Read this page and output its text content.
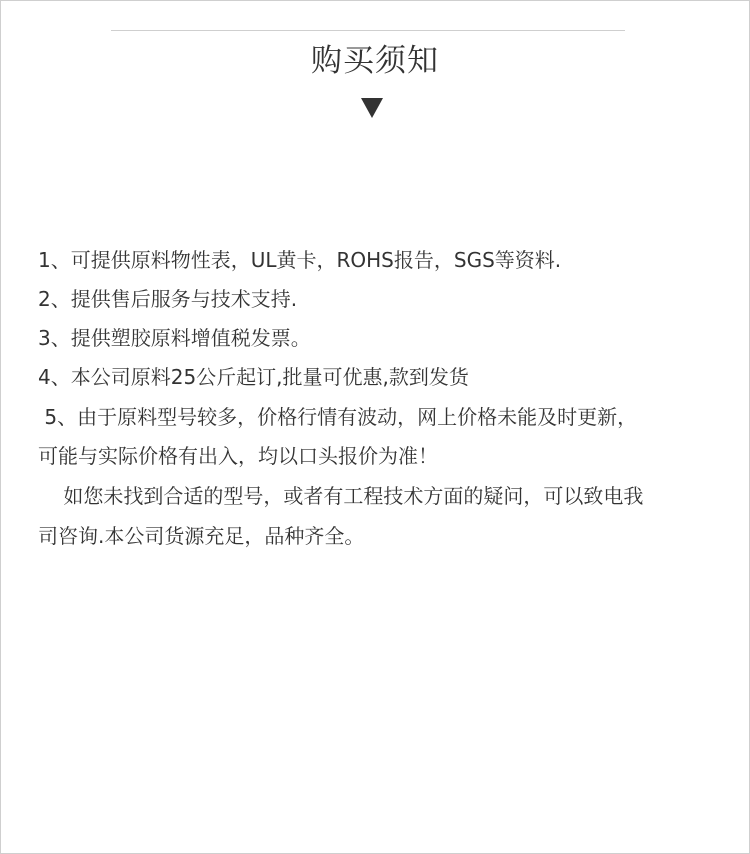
购买须知
1、可提供原料物性表，UL黄卡，ROHS报告，SGS等资料.
2、提供售后服务与技术支持.
3、提供塑胶原料增值税发票。
4、本公司原料25公斤起订,批量可优惠,款到发货
5、由于原料型号较多，价格行情有波动，网上价格未能及时更新，
可能与实际价格有出入，均以口头报价为准！
如您未找到合适的型号，或者有工程技术方面的疑问，可以致电我
司咨询.本公司货源充足，品种齐全。
